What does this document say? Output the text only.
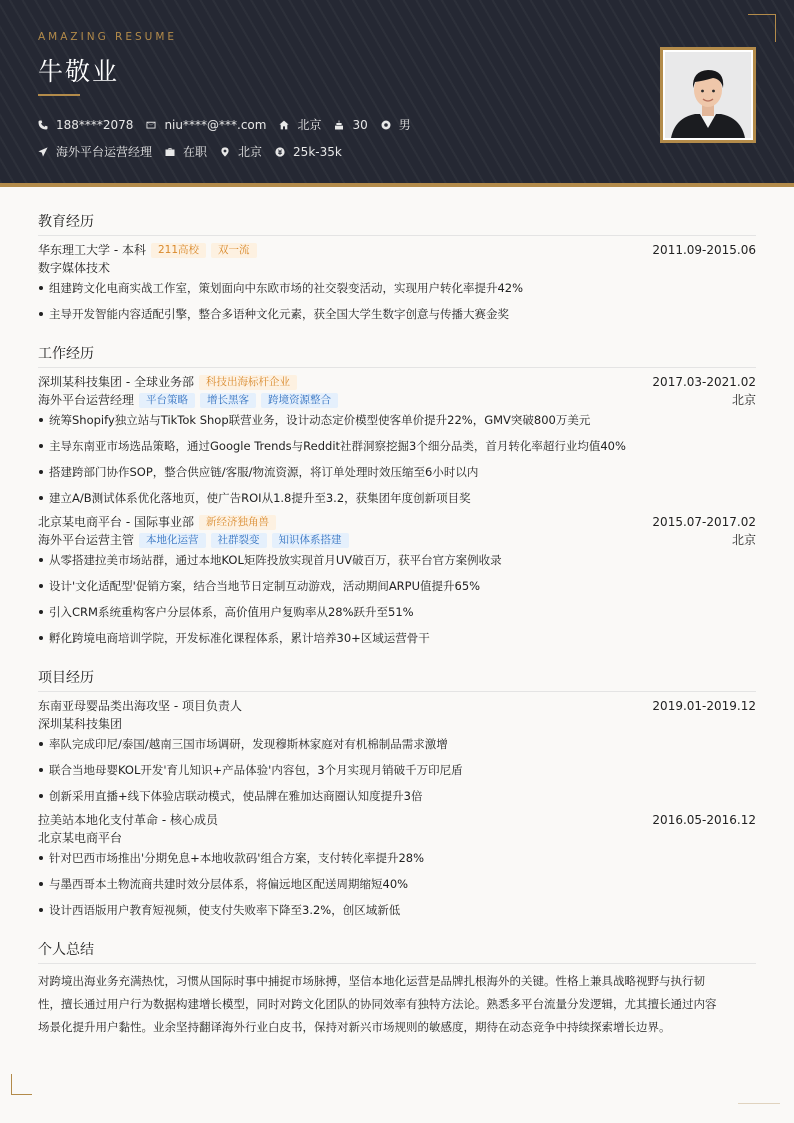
AMAZING RESUME
牛敬业
188****2078	niu****@***.com	北京	30	男
海外平台运营经理	在职	北京	25k-35k
教育经历
华东理工大学 - 本科	211高校	双一流	2011.09-2015.06
数字媒体技术
组建跨文化电商实战工作室，策划面向中东欧市场的社交裂变活动，实现用户转化率提升42%
主导开发智能内容适配引擎，整合多语种文化元素，获全国大学生数字创意与传播大赛金奖
工作经历
深圳某科技集团 - 全球业务部	科技出海标杆企业	2017.03-2021.02
海外平台运营经理	平台策略	增长黑客	跨境资源整合	北京
统筹Shopify独立站与TikTok Shop联营业务，设计动态定价模型使客单价提升22%，GMV突破800万美元
主导东南亚市场选品策略，通过Google Trends与Reddit社群洞察挖掘3个细分品类，首月转化率超行业均值40%
搭建跨部门协作SOP，整合供应链/客服/物流资源，将订单处理时效压缩至6小时以内
建立A/B测试体系优化落地页，使广告ROI从1.8提升至3.2，获集团年度创新项目奖
北京某电商平台 - 国际事业部	新经济独角兽	2015.07-2017.02
海外平台运营主管	本地化运营	社群裂变	知识体系搭建	北京
从零搭建拉美市场站群，通过本地KOL矩阵投放实现首月UV破百万，获平台官方案例收录
设计'文化适配型'促销方案，结合当地节日定制互动游戏，活动期间ARPU值提升65%
引入CRM系统重构客户分层体系，高价值用户复购率从28%跃升至51%
孵化跨境电商培训学院，开发标准化课程体系，累计培养30+区域运营骨干
项目经历
东南亚母婴品类出海攻坚 - 项目负责人	2019.01-2019.12
深圳某科技集团
率队完成印尼/泰国/越南三国市场调研，发现穆斯林家庭对有机棉制品需求激增
联合当地母婴KOL开发'育儿知识+产品体验'内容包，3个月实现月销破千万印尼盾
创新采用直播+线下体验店联动模式，使品牌在雅加达商圈认知度提升3倍
拉美站本地化支付革命 - 核心成员	2016.05-2016.12
北京某电商平台
针对巴西市场推出'分期免息+本地收款码'组合方案，支付转化率提升28%
与墨西哥本土物流商共建时效分层体系，将偏远地区配送周期缩短40%
设计西语版用户教育短视频，使支付失败率下降至3.2%，创区域新低
个人总结
对跨境出海业务充满热忱，习惯从国际时事中捕捉市场脉搏，坚信本地化运营是品牌扎根海外的关键。性格上兼具战略视野与执行韧
性，擅长通过用户行为数据构建增长模型，同时对跨文化团队的协同效率有独特方法论。熟悉多平台流量分发逻辑，尤其擅长通过内容
场景化提升用户黏性。业余坚持翻译海外行业白皮书，保持对新兴市场规则的敏感度，期待在动态竞争中持续探索增长边界。
